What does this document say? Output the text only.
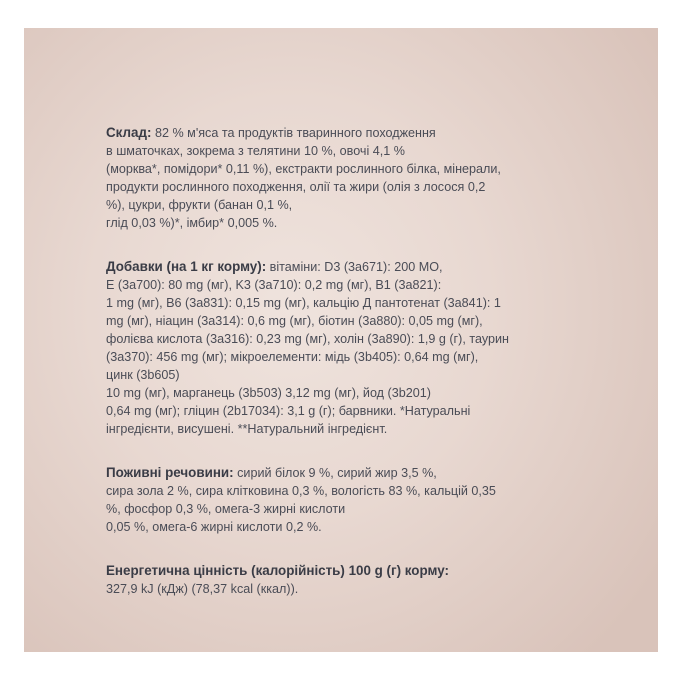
Склад: 82 % м'яса та продуктів тваринного походження
в шматочках, зокрема з телятини 10 %, овочі 4,1 %
(морква*, помідори* 0,11 %), екстракти рослинного білка, мінерали,
продукти рослинного походження, олії та жири (олія з лосося 0,2
%), цукри, фрукти (банан 0,1 %,
глід 0,03 %)*, імбир* 0,005 %.

Добавки (на 1 кг корму): вітаміни: D3 (3a671): 200 МО,
E (3a700): 80 mg (мг), K3 (3a710): 0,2 mg (мг), B1 (3a821):
1 mg (мг), B6 (3a831): 0,15 mg (мг), кальцію Д пантотенат (3a841): 1
mg (мг), ніацин (3a314): 0,6 mg (мг), біотин (3a880): 0,05 mg (мг),
фолієва кислота (3a316): 0,23 mg (мг), холін (3a890): 1,9 g (г), таурин
(3a370): 456 mg (мг); мікроелементи: мідь (3b405): 0,64 mg (мг),
цинк (3b605)
10 mg (мг), марганець (3b503) 3,12 mg (мг), йод (3b201)
0,64 mg (мг); гліцин (2b17034): 3,1 g (г); барвники. *Натуральні
інгредієнти, висушені. **Натуральний інгредієнт.

Поживні речовини: сирий білок 9 %, сирий жир 3,5 %,
сира зола 2 %, сира клітковина 0,3 %, вологість 83 %, кальцій 0,35
%, фосфор 0,3 %, омега-3 жирні кислоти
0,05 %, омега-6 жирні кислоти 0,2 %.

Енергетична цінність (калорійність) 100 g (г) корму:
327,9 kJ (кДж) (78,37 kcal (ккал)).
